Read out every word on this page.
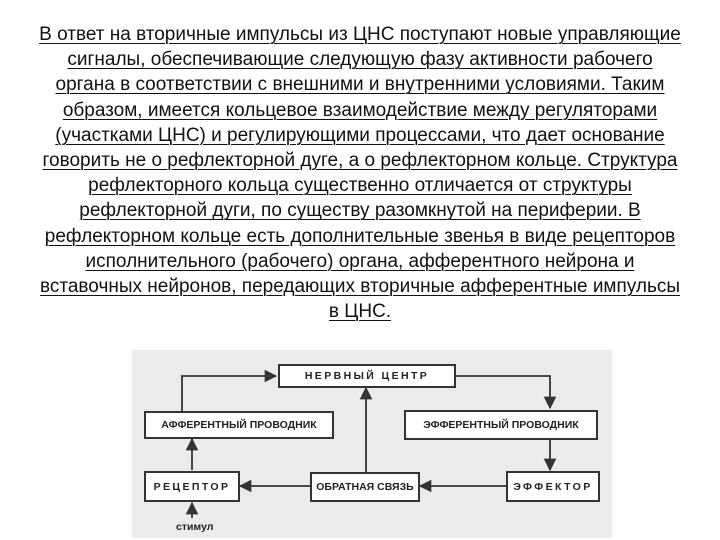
В ответ на вторичные импульсы из ЦНС поступают новые управляющие сигналы, обеспечивающие следующую фазу активности рабочего органа в соответствии с внешними и внутренними условиями. Таким образом, имеется кольцевое взаимодействие между регуляторами (участками ЦНС) и регулирующими процессами, что дает основание говорить не о рефлекторной дуге, а о рефлекторном кольце. Структура рефлекторного кольца существенно отличается от структуры рефлекторной дуги, по существу разомкнутой на периферии. В рефлекторном кольце есть дополнительные звенья в виде рецепторов исполнительного (рабочего) органа, афферентного нейрона и вставочных нейронов, передающих вторичные афферентные импульсы в ЦНС.
НЕРВНЫЙ ЦЕНТР
АФФЕРЕНТНЫЙ ПРОВОДНИК	ЭФФЕРЕНТНЫЙ ПРОВОДНИК
РЕЦЕПТОР	ОБРАТНАЯ СВЯЗЬ	ЭФФЕКТОР
стимул
